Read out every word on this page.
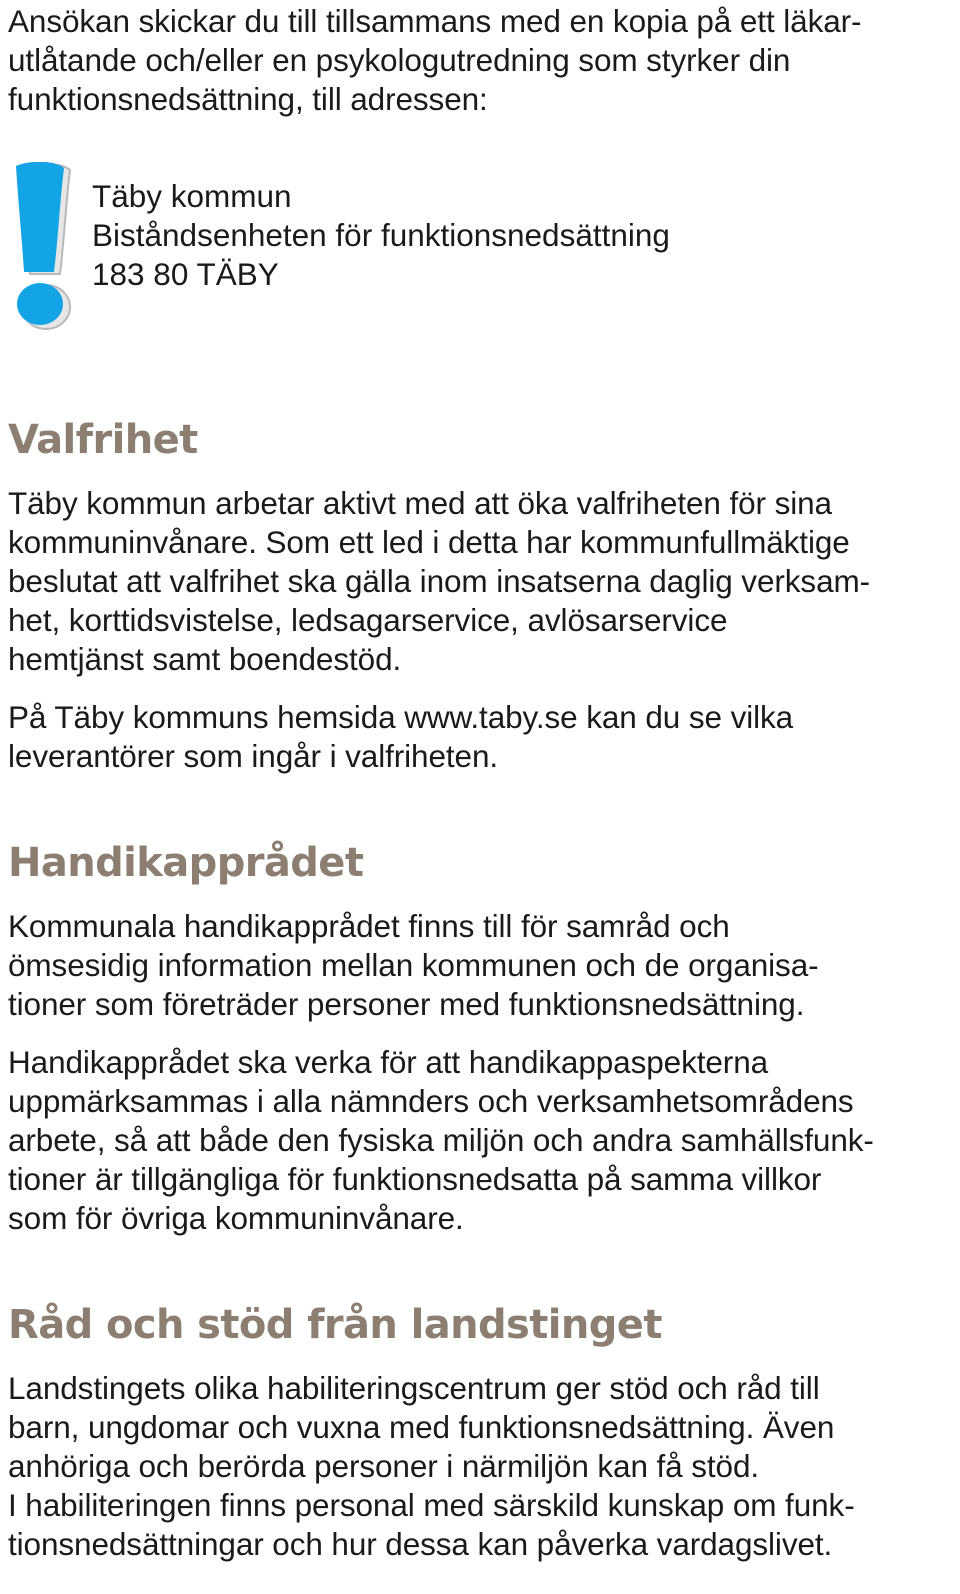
Ansökan skickar du till tillsammans med en kopia på ett läkar-
utlåtande och/eller en psykologutredning som styrker din
funktionsnedsättning, till adressen:

Täby kommun
Biståndsenheten för funktionsnedsättning
183 80 TÄBY
Valfrihet

Täby kommun arbetar aktivt med att öka valfriheten för sina
kommuninvånare. Som ett led i detta har kommunfullmäktige
beslutat att valfrihet ska gälla inom insatserna daglig verksam-
het, korttidsvistelse, ledsagarservice, avlösarservice
hemtjänst samt boendestöd.

På Täby kommuns hemsida www.taby.se kan du se vilka
leverantörer som ingår i valfriheten.

Handikapprådet

Kommunala handikapprådet finns till för samråd och
ömsesidig information mellan kommunen och de organisa-
tioner som företräder personer med funktionsnedsättning.

Handikapprådet ska verka för att handikappaspekterna
uppmärksammas i alla nämnders och verksamhetsområdens
arbete, så att både den fysiska miljön och andra samhällsfunk-
tioner är tillgängliga för funktionsnedsatta på samma villkor
som för övriga kommuninvånare.

Råd och stöd från landstinget

Landstingets olika habiliteringscentrum ger stöd och råd till
barn, ungdomar och vuxna med funktionsnedsättning. Även
anhöriga och berörda personer i närmiljön kan få stöd.
I habiliteringen finns personal med särskild kunskap om funk-
tionsnedsättningar och hur dessa kan påverka vardagslivet.
